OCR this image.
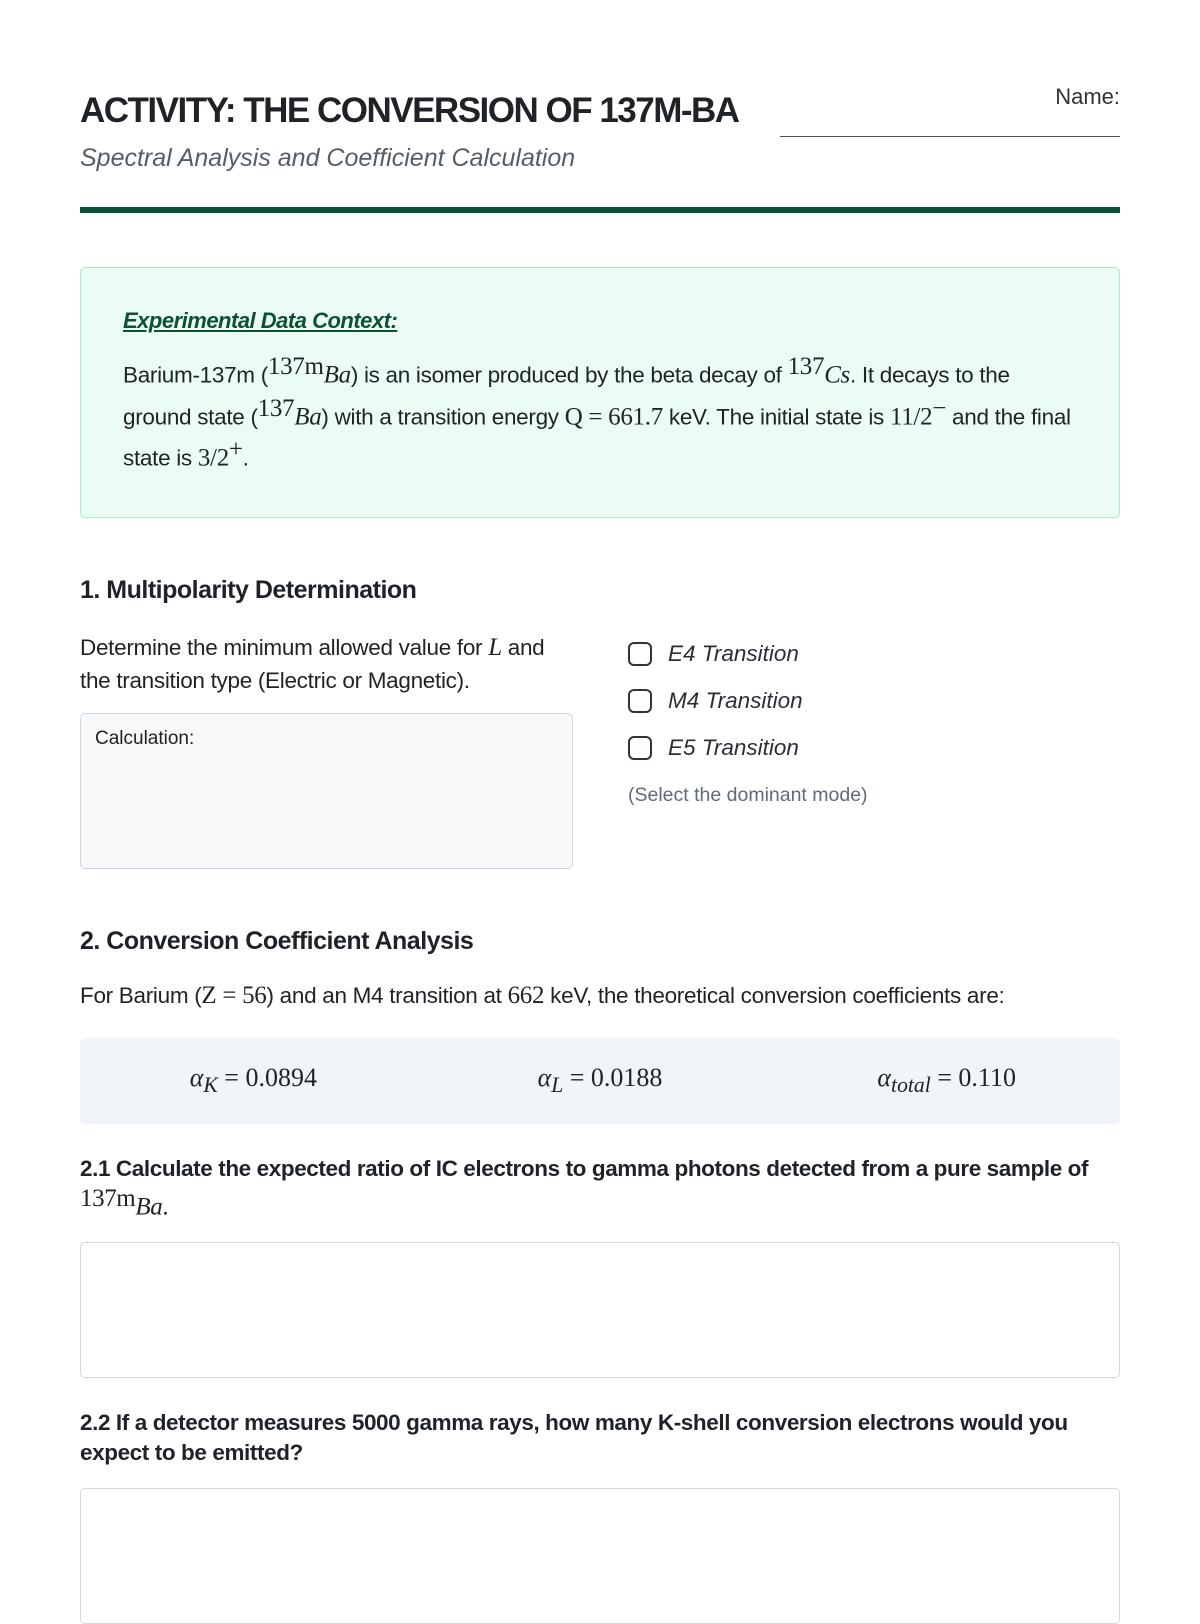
ACTIVITY: THE CONVERSION OF 137M-BA
Spectral Analysis and Coefficient Calculation
Name:
Experimental Data Context:
Barium-137m ($^{137m}$Ba) is an isomer produced by the beta decay of $^{137}$Cs. It decays to the ground state ($^{137}$Ba) with a transition energy Q = 661.7 keV. The initial state is 11/2− and the final state is 3/2+.
1. Multipolarity Determination
Determine the minimum allowed value for L and the transition type (Electric or Magnetic).
Calculation:
E4 Transition
M4 Transition
E5 Transition
(Select the dominant mode)
2. Conversion Coefficient Analysis
For Barium (Z = 56) and an M4 transition at 662 keV, the theoretical conversion coefficients are:
$\alpha_K = 0.0894$	$\alpha_L = 0.0188$	$\alpha_{total} = 0.110$
2.1 Calculate the expected ratio of IC electrons to gamma photons detected from a pure sample of $^{137m}$Ba.
2.2 If a detector measures 5000 gamma rays, how many K-shell conversion electrons would you expect to be emitted?
